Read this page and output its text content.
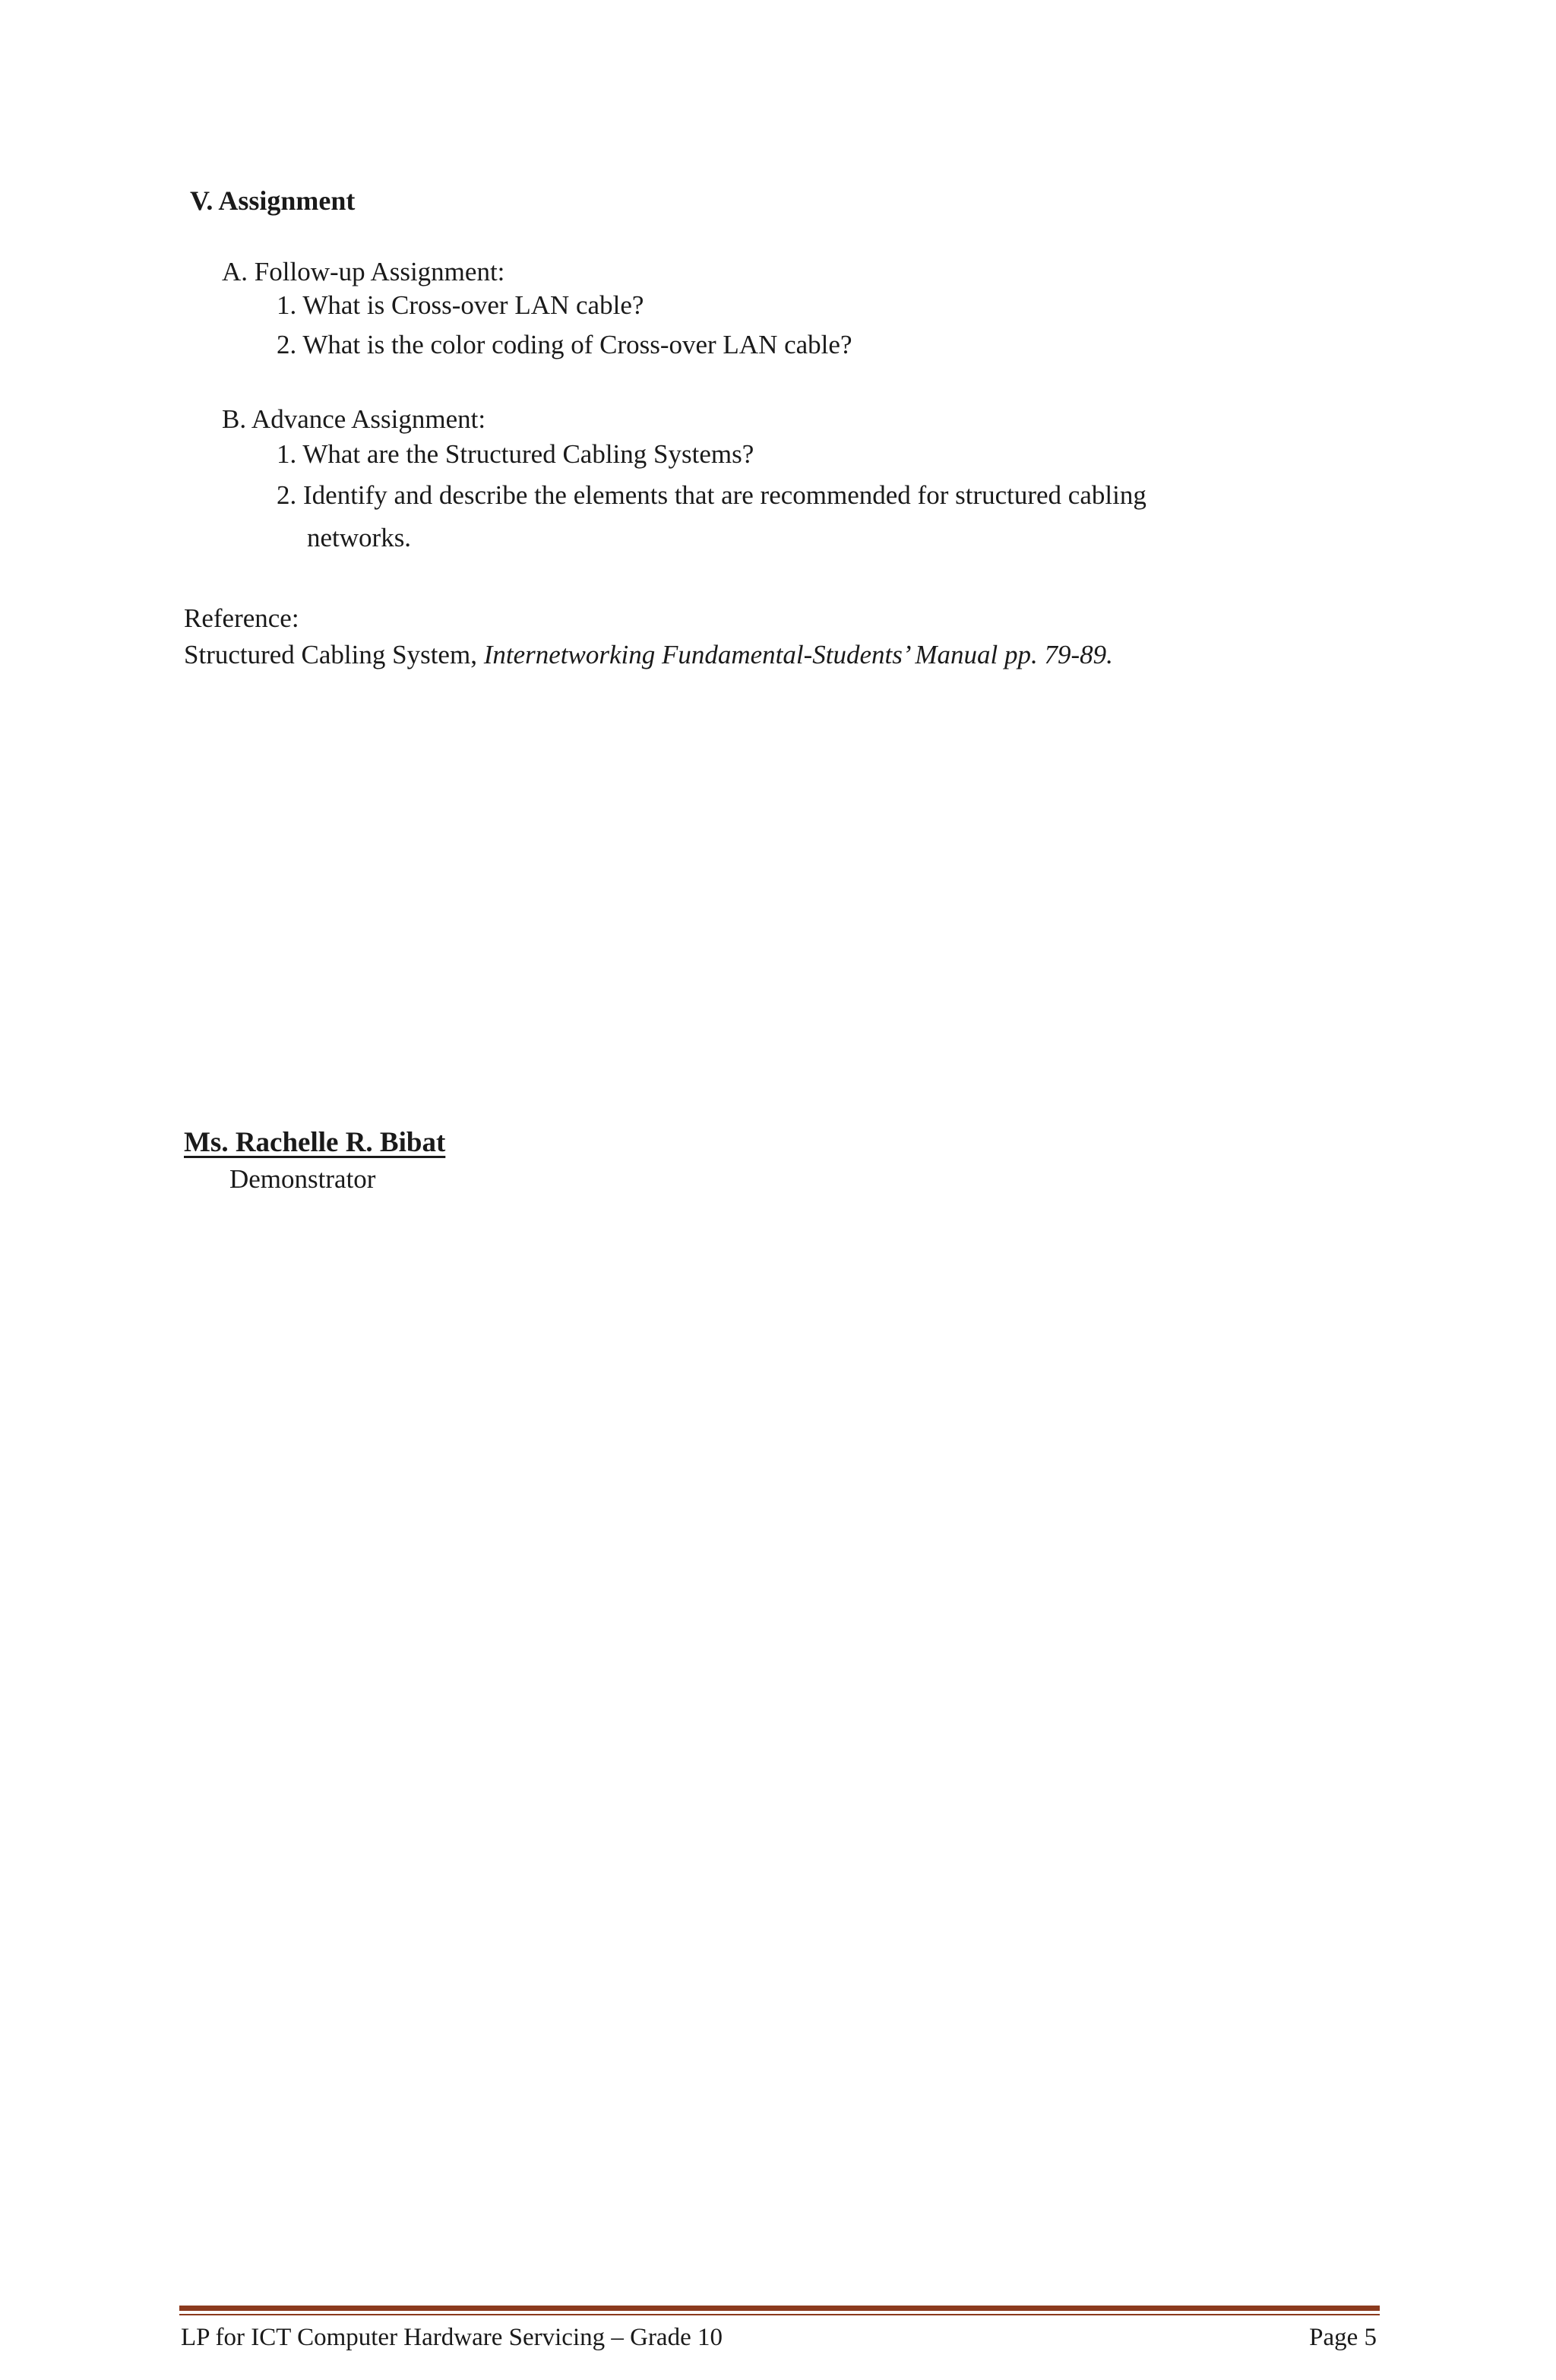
V. Assignment
A. Follow-up Assignment:
1. What is Cross-over LAN cable?
2. What is the color coding of Cross-over LAN cable?
B. Advance Assignment:
1. What are the Structured Cabling Systems?
2. Identify and describe the elements that are recommended for structured cabling
networks.
Reference:
Structured Cabling System, Internetworking Fundamental-Students’ Manual pp. 79-89.
Ms. Rachelle R. Bibat
Demonstrator
LP for ICT Computer Hardware Servicing – Grade 10	Page 5
